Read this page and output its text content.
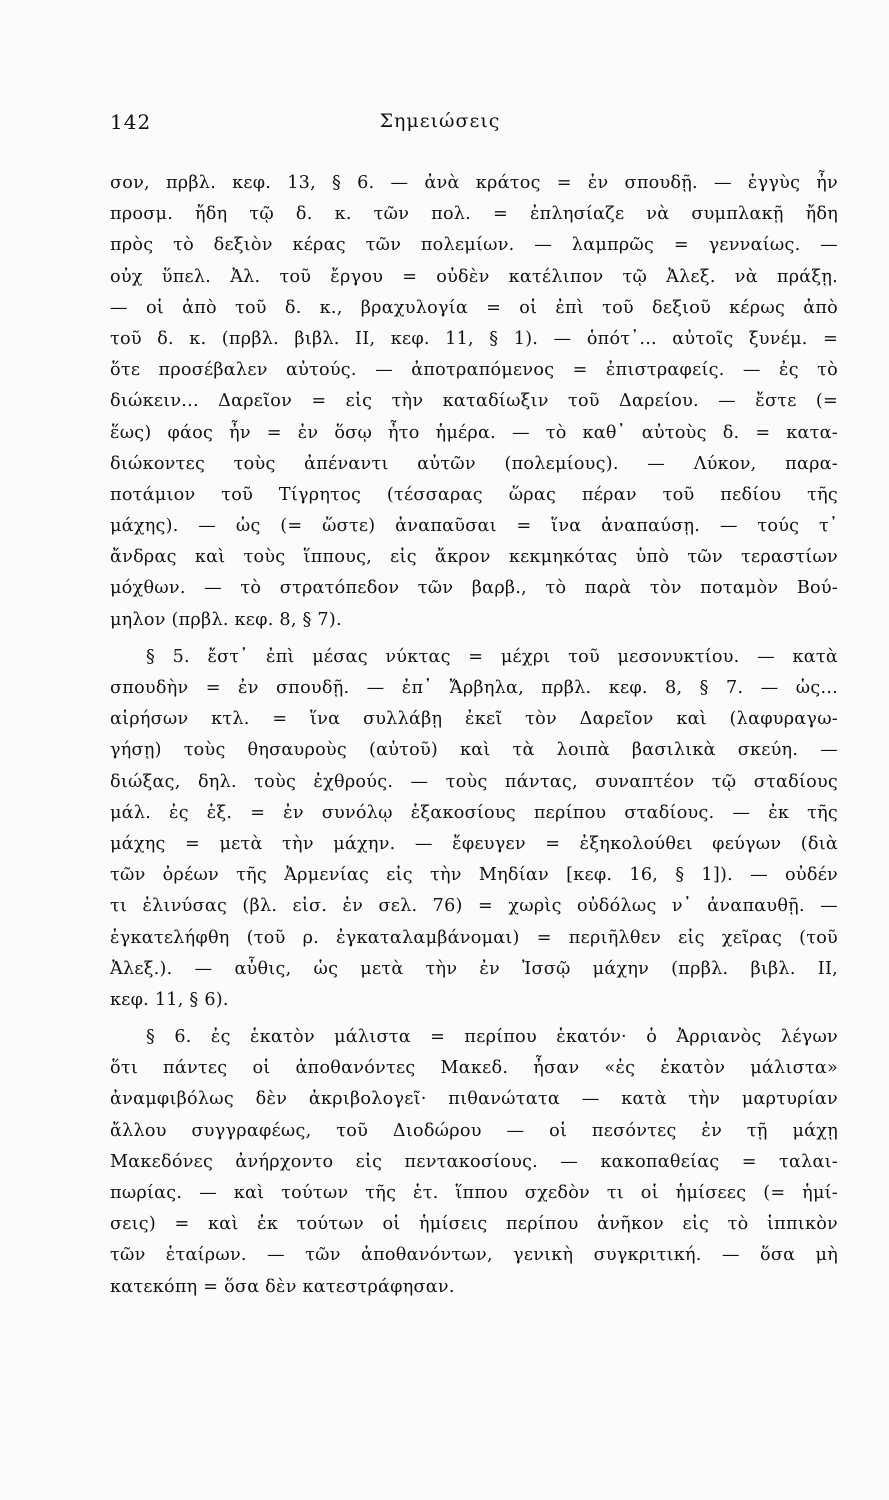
142	Σημειώσεις
σον, πρβλ. κεφ. 13, § 6. — ἀνὰ κράτος = ἐν σπουδῇ. — ἐγγὺς ἦν
προσμ. ἤδη τῷ δ. κ. τῶν πολ. = ἐπλησίαζε νὰ συμπλακῇ ἤδη
πρὸς τὸ δεξιὸν κέρας τῶν πολεμίων. — λαμπρῶς = γενναίως. —
οὐχ ὕπελ. Ἀλ. τοῦ ἔργου = οὐδὲν κατέλιπον τῷ Ἀλεξ. νὰ πράξῃ.
— οἱ ἀπὸ τοῦ δ. κ., βραχυλογία = οἱ ἐπὶ τοῦ δεξιοῦ κέρως ἀπὸ
τοῦ δ. κ. (πρβλ. βιβλ. II, κεφ. 11, § 1). — ὁπότ᾽... αὐτοῖς ξυνέμ. =
ὅτε προσέβαλεν αὐτούς. — ἀποτραπόμενος = ἐπιστραφείς. — ἐς τὸ
διώκειν... Δαρεῖον = εἰς τὴν καταδίωξιν τοῦ Δαρείου. — ἔστε (=
ἕως) φάος ἦν = ἐν ὅσῳ ἦτο ἡμέρα. — τὸ καθ᾽ αὐτοὺς δ. = κατα-
διώκοντες τοὺς ἀπέναντι αὐτῶν (πολεμίους). — Λύκον, παρα-
ποτάμιον τοῦ Τίγρητος (τέσσαρας ὥρας πέραν τοῦ πεδίου τῆς
μάχης). — ὡς (= ὥστε) ἀναπαῦσαι = ἵνα ἀναπαύσῃ. — τούς τ᾽
ἄνδρας καὶ τοὺς ἵππους, εἰς ἄκρον κεκμηκότας ὑπὸ τῶν τεραστίων
μόχθων. — τὸ στρατόπεδον τῶν βαρβ., τὸ παρὰ τὸν ποταμὸν Βού-
μηλον (πρβλ. κεφ. 8, § 7).
§ 5. ἔστ᾽ ἐπὶ μέσας νύκτας = μέχρι τοῦ μεσονυκτίου. — κατὰ
σπουδὴν = ἐν σπουδῇ. — ἐπ᾽ Ἄρβηλα, πρβλ. κεφ. 8, § 7. — ὡς...
αἱρήσων κτλ. = ἵνα συλλάβῃ ἐκεῖ τὸν Δαρεῖον καὶ (λαφυραγω-
γήσῃ) τοὺς θησαυροὺς (αὐτοῦ) καὶ τὰ λοιπὰ βασιλικὰ σκεύη. —
διώξας, δηλ. τοὺς ἐχθρούς. — τοὺς πάντας, συναπτέον τῷ σταδίους
μάλ. ἐς ἑξ. = ἐν συνόλῳ ἑξακοσίους περίπου σταδίους. — ἐκ τῆς
μάχης = μετὰ τὴν μάχην. — ἔφευγεν = ἐξηκολούθει φεύγων (διὰ
τῶν ὀρέων τῆς Ἀρμενίας εἰς τὴν Μηδίαν [κεφ. 16, § 1]). — οὐδέν
τι ἐλινύσας (βλ. εἰσ. ἐν σελ. 76) = χωρὶς οὐδόλως ν᾽ ἀναπαυθῇ. —
ἐγκατελήφθη (τοῦ ρ. ἐγκαταλαμβάνομαι) = περιῆλθεν εἰς χεῖρας (τοῦ
Ἀλεξ.). — αὖθις, ὡς μετὰ τὴν ἐν Ἰσσῷ μάχην (πρβλ. βιβλ. II,
κεφ. 11, § 6).
§ 6. ἐς ἑκατὸν μάλιστα = περίπου ἑκατόν· ὁ Ἀρριανὸς λέγων
ὅτι πάντες οἱ ἀποθανόντες Μακεδ. ἦσαν «ἐς ἑκατὸν μάλιστα»
ἀναμφιβόλως δὲν ἀκριβολογεῖ· πιθανώτατα — κατὰ τὴν μαρτυρίαν
ἄλλου συγγραφέως, τοῦ Διοδώρου — οἱ πεσόντες ἐν τῇ μάχῃ
Μακεδόνες ἀνήρχοντο εἰς πεντακοσίους. — κακοπαθείας = ταλαι-
πωρίας. — καὶ τούτων τῆς ἑτ. ἵππου σχεδὸν τι οἱ ἡμίσεες (= ἡμί-
σεις) = καὶ ἐκ τούτων οἱ ἡμίσεις περίπου ἀνῆκον εἰς τὸ ἱππικὸν
τῶν ἑταίρων. — τῶν ἀποθανόντων, γενικὴ συγκριτική. — ὅσα μὴ
κατεκόπη = ὅσα δὲν κατεστράφησαν.
